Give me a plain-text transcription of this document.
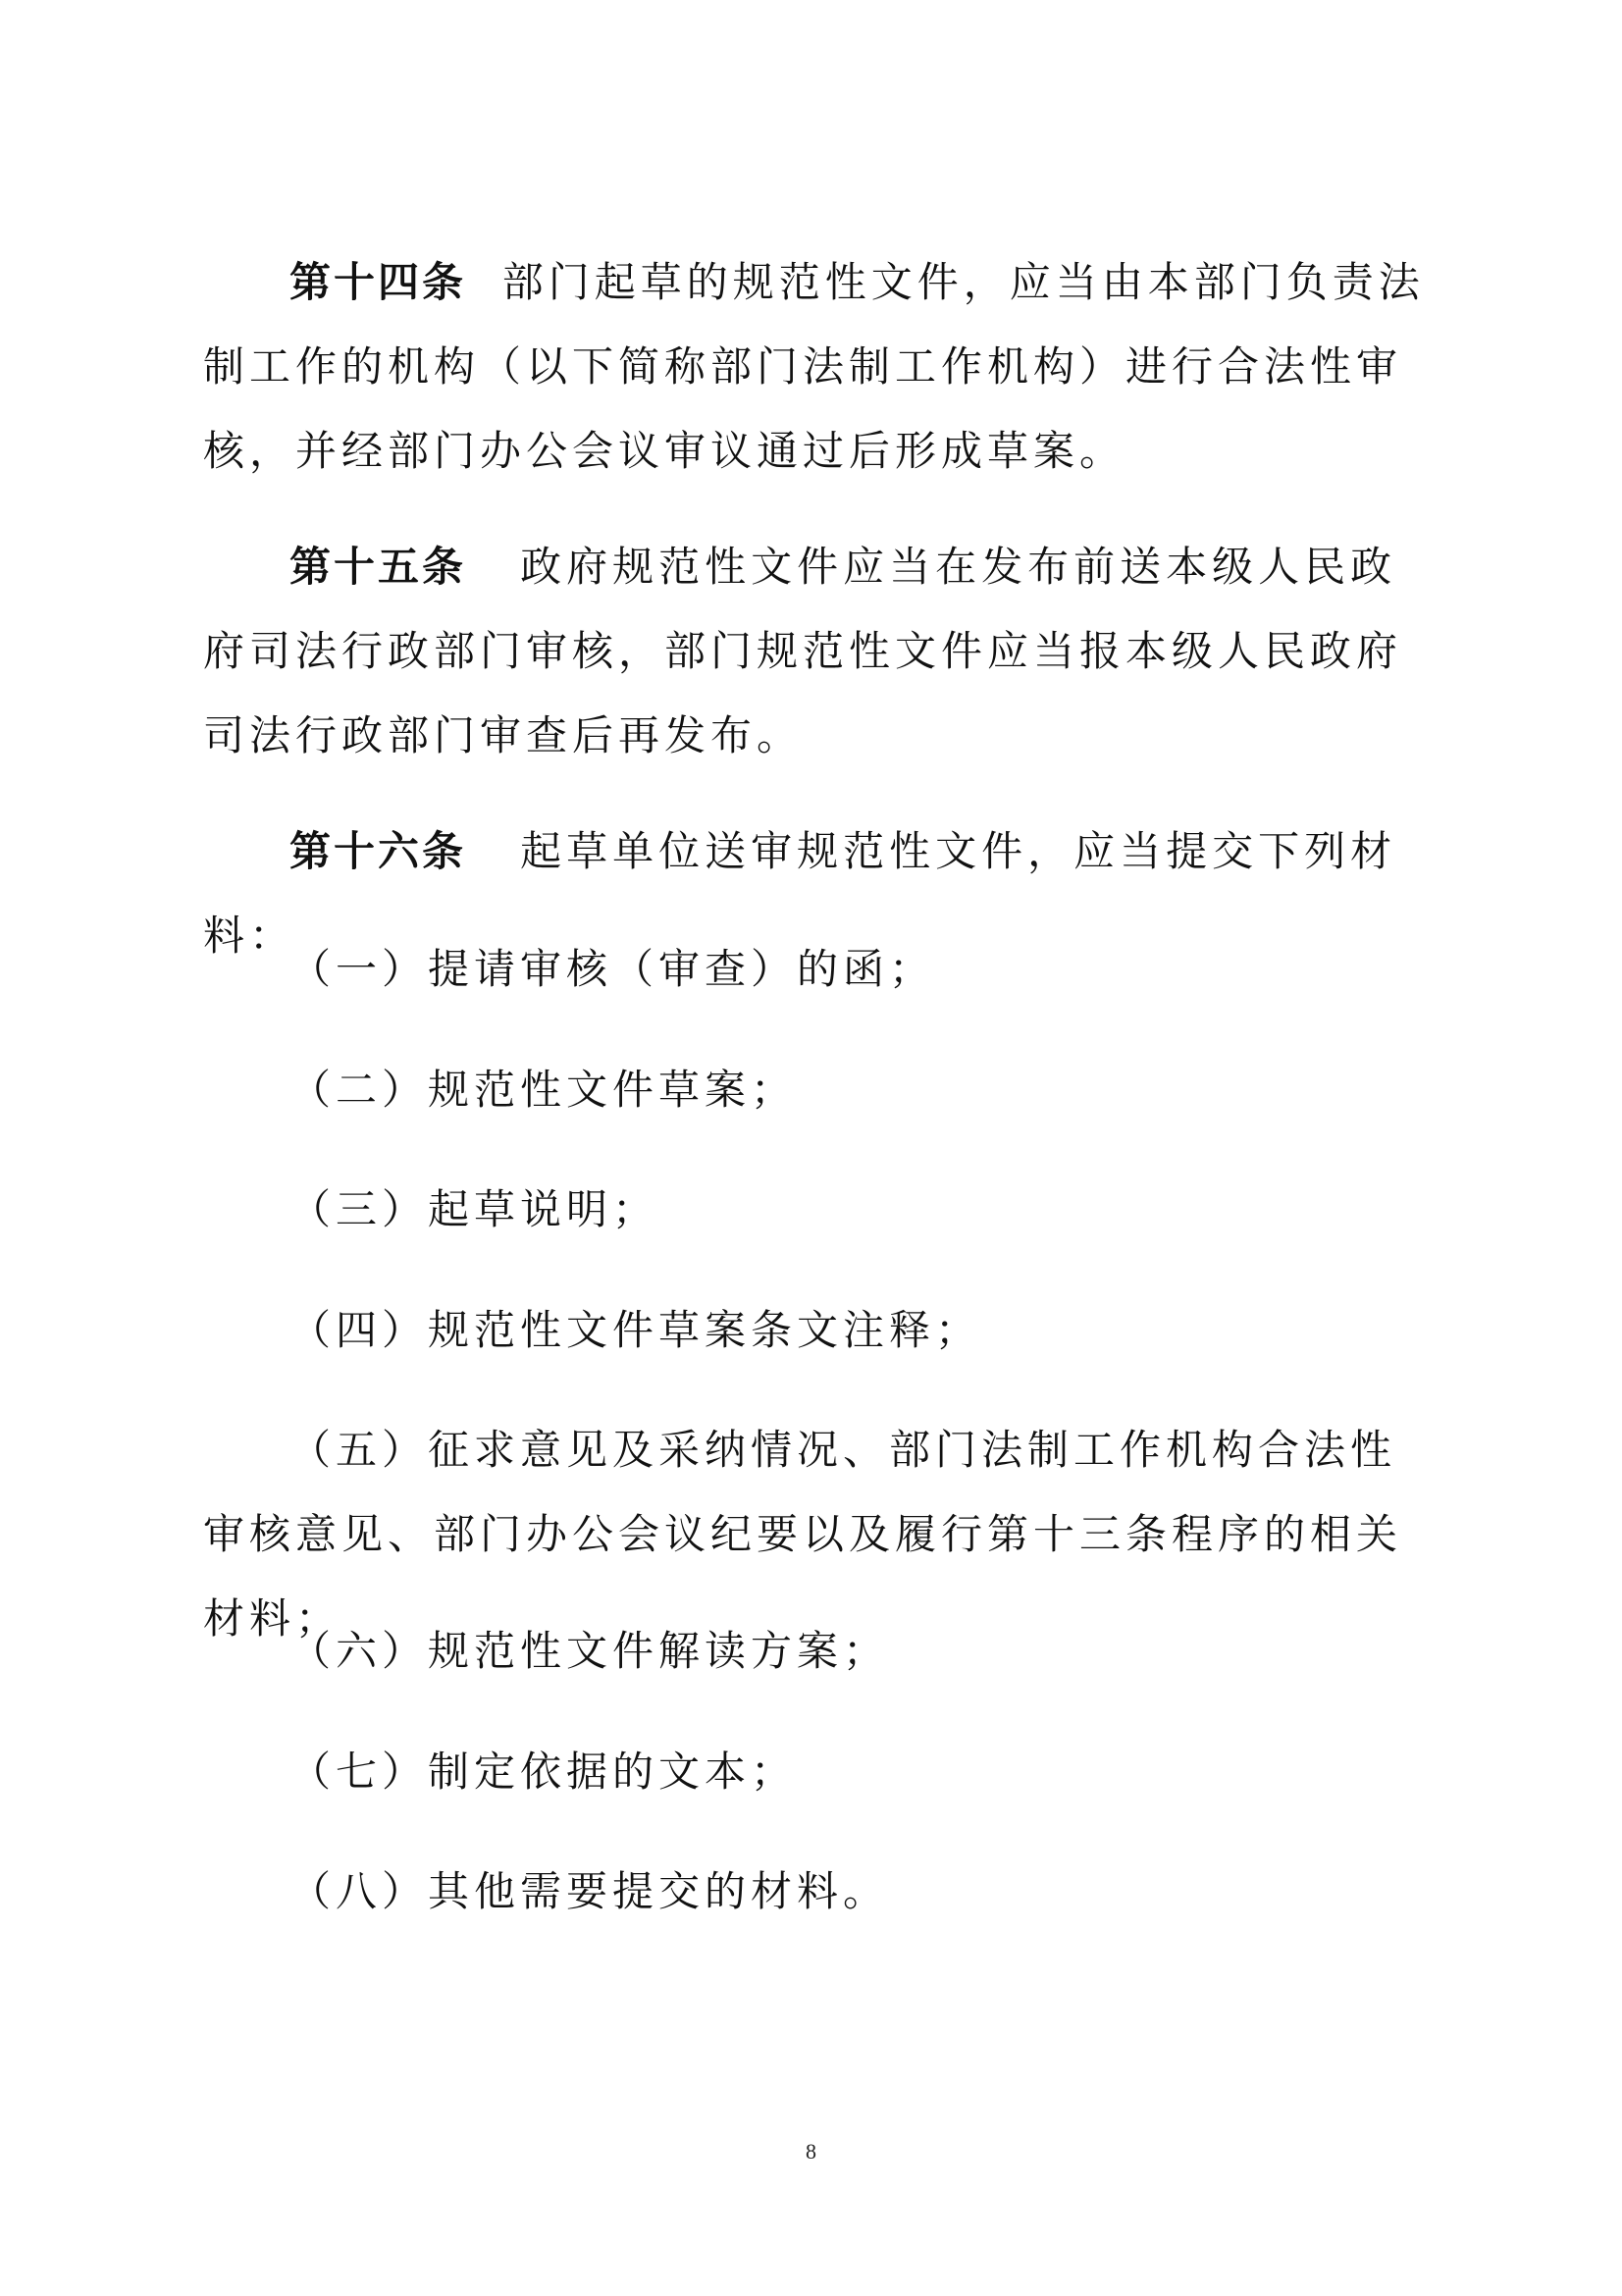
第十四条 部门起草的规范性文件，应当由本部门负责法制工作的机构（以下简称部门法制工作机构）进行合法性审核，并经部门办公会议审议通过后形成草案。

第十五条 政府规范性文件应当在发布前送本级人民政府司法行政部门审核，部门规范性文件应当报本级人民政府司法行政部门审查后再发布。

第十六条 起草单位送审规范性文件，应当提交下列材料：

（一）提请审核（审查）的函；

（二）规范性文件草案；

（三）起草说明；

（四）规范性文件草案条文注释；

（五）征求意见及采纳情况、部门法制工作机构合法性审核意见、部门办公会议纪要以及履行第十三条程序的相关材料；

（六）规范性文件解读方案；

（七）制定依据的文本；

（八）其他需要提交的材料。

8
